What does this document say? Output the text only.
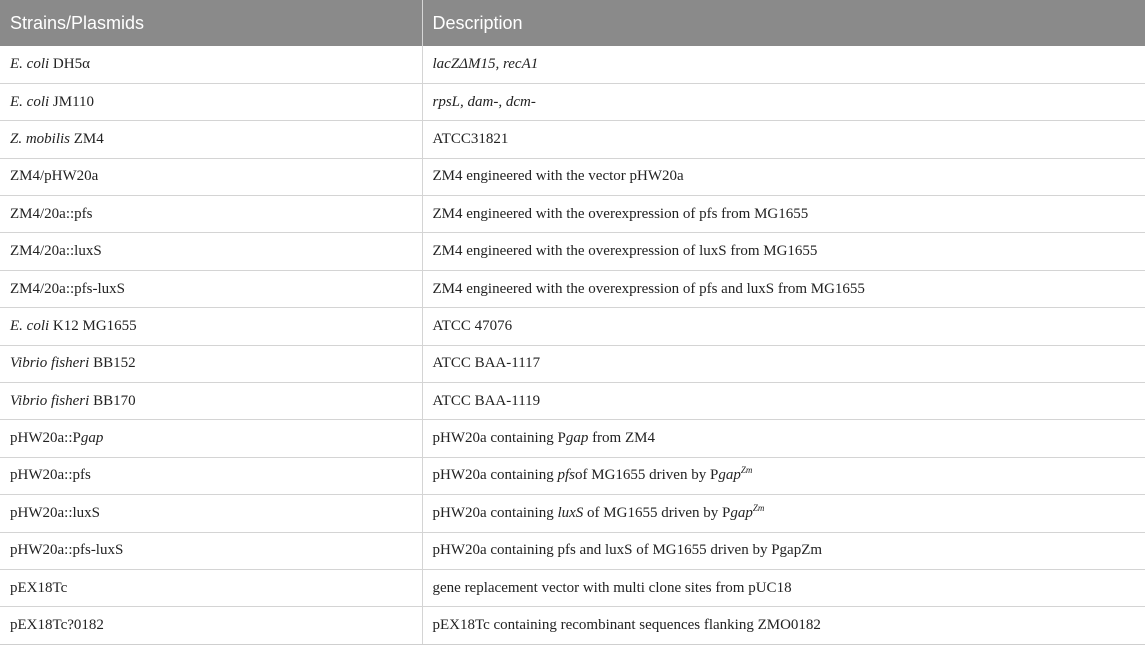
Strains/Plasmids	Description
E. coli DH5α	lacZΔM15, recA1
E. coli JM110	rpsL, dam-, dcm-
Z. mobilis ZM4	ATCC31821
ZM4/pHW20a	ZM4 engineered with the vector pHW20a
ZM4/20a::pfs	ZM4 engineered with the overexpression of pfs from MG1655
ZM4/20a::luxS	ZM4 engineered with the overexpression of luxS from MG1655
ZM4/20a::pfs-luxS	ZM4 engineered with the overexpression of pfs and luxS from MG1655
E. coli K12 MG1655	ATCC 47076
Vibrio fisheri BB152	ATCC BAA-1117
Vibrio fisheri BB170	ATCC BAA-1119
pHW20a::Pgap	pHW20a containing Pgap from ZM4
pHW20a::pfs	pHW20a containing pfsof MG1655 driven by Pgap$^{Zm}$
pHW20a::luxS	pHW20a containing luxS of MG1655 driven by Pgap$^{Zm}$
pHW20a::pfs-luxS	pHW20a containing pfs and luxS of MG1655 driven by PgapZm
pEX18Tc	gene replacement vector with multi clone sites from pUC18
pEX18Tc?0182	pEX18Tc containing recombinant sequences flanking ZMO0182
